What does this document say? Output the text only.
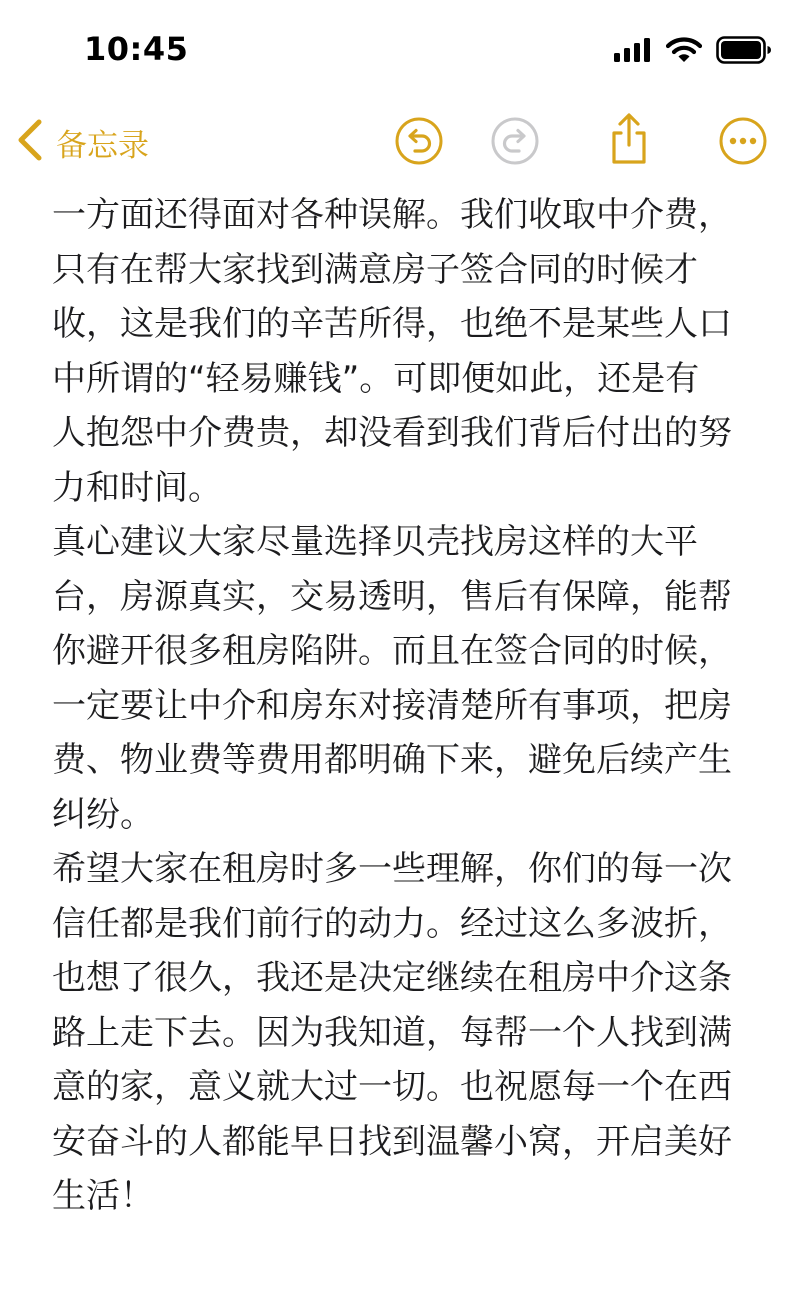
10:45
备忘录

一方面还得面对各种误解。我们收取中介费，
只有在帮大家找到满意房子签合同的时候才
收，这是我们的辛苦所得，也绝不是某些人口
中所谓的“轻易赚钱”。可即便如此，还是有
人抱怨中介费贵，却没看到我们背后付出的努
力和时间。

真心建议大家尽量选择贝壳找房这样的大平
台，房源真实，交易透明，售后有保障，能帮
你避开很多租房陷阱。而且在签合同的时候，
一定要让中介和房东对接清楚所有事项，把房
费、物业费等费用都明确下来，避免后续产生
纠纷。

希望大家在租房时多一些理解，你们的每一次
信任都是我们前行的动力。经过这么多波折，
也想了很久，我还是决定继续在租房中介这条
路上走下去。因为我知道，每帮一个人找到满
意的家，意义就大过一切。也祝愿每一个在西
安奋斗的人都能早日找到温馨小窝，开启美好
生活！
